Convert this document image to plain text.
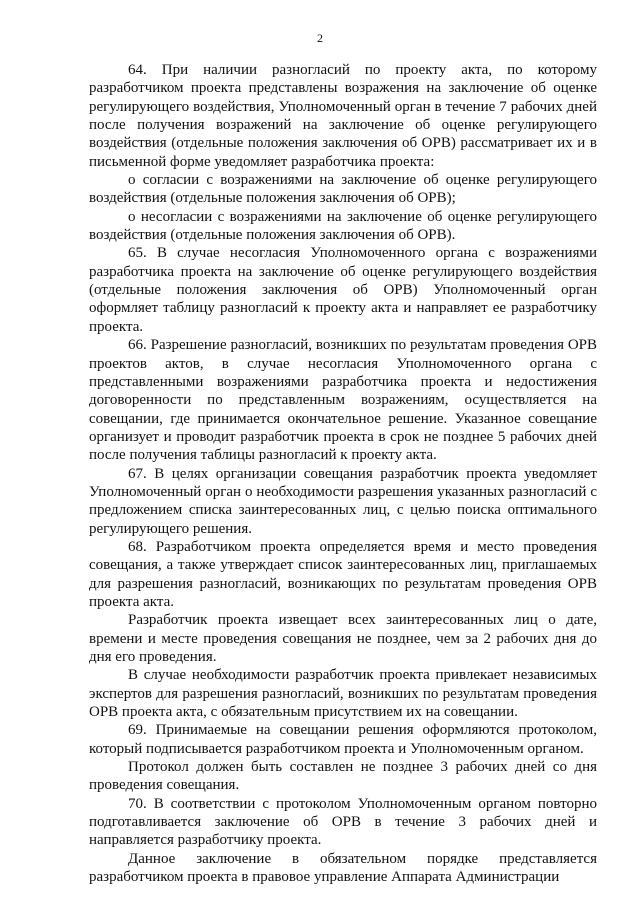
2

64. При наличии разногласий по проекту акта, по которому разработчиком проекта представлены возражения на заключение об оценке регулирующего воздействия, Уполномоченный орган в течение 7 рабочих дней после получения возражений на заключение об оценке регулирующего воздействия (отдельные положения заключения об ОРВ) рассматривает их и в письменной форме уведомляет разработчика проекта:

о согласии с возражениями на заключение об оценке регулирующего воздействия (отдельные положения заключения об ОРВ);

о несогласии с возражениями на заключение об оценке регулирующего воздействия (отдельные положения заключения об ОРВ).

65. В случае несогласия Уполномоченного органа с возражениями разработчика проекта на заключение об оценке регулирующего воздействия (отдельные положения заключения об ОРВ) Уполномоченный орган оформляет таблицу разногласий к проекту акта и направляет ее разработчику проекта.

66. Разрешение разногласий, возникших по результатам проведения ОРВ проектов актов, в случае несогласия Уполномоченного органа с представленными возражениями разработчика проекта и недостижения договоренности по представленным возражениям, осуществляется на совещании, где принимается окончательное решение. Указанное совещание организует и проводит разработчик проекта в срок не позднее 5 рабочих дней после получения таблицы разногласий к проекту акта.

67. В целях организации совещания разработчик проекта уведомляет Уполномоченный орган о необходимости разрешения указанных разногласий с предложением списка заинтересованных лиц, с целью поиска оптимального регулирующего решения.

68. Разработчиком проекта определяется время и место проведения совещания, а также утверждает список заинтересованных лиц, приглашаемых для разрешения разногласий, возникающих по результатам проведения ОРВ проекта акта.

Разработчик проекта извещает всех заинтересованных лиц о дате, времени и месте проведения совещания не позднее, чем за 2 рабочих дня до дня его проведения.

В случае необходимости разработчик проекта привлекает независимых экспертов для разрешения разногласий, возникших по результатам проведения ОРВ проекта акта, с обязательным присутствием их на совещании.

69. Принимаемые на совещании решения оформляются протоколом, который подписывается разработчиком проекта и Уполномоченным органом.

Протокол должен быть составлен не позднее 3 рабочих дней со дня проведения совещания.

70. В соответствии с протоколом Уполномоченным органом повторно подготавливается заключение об ОРВ в течение 3 рабочих дней и направляется разработчику проекта.

Данное заключение в обязательном порядке представляется разработчиком проекта в правовое управление Аппарата Администрации
